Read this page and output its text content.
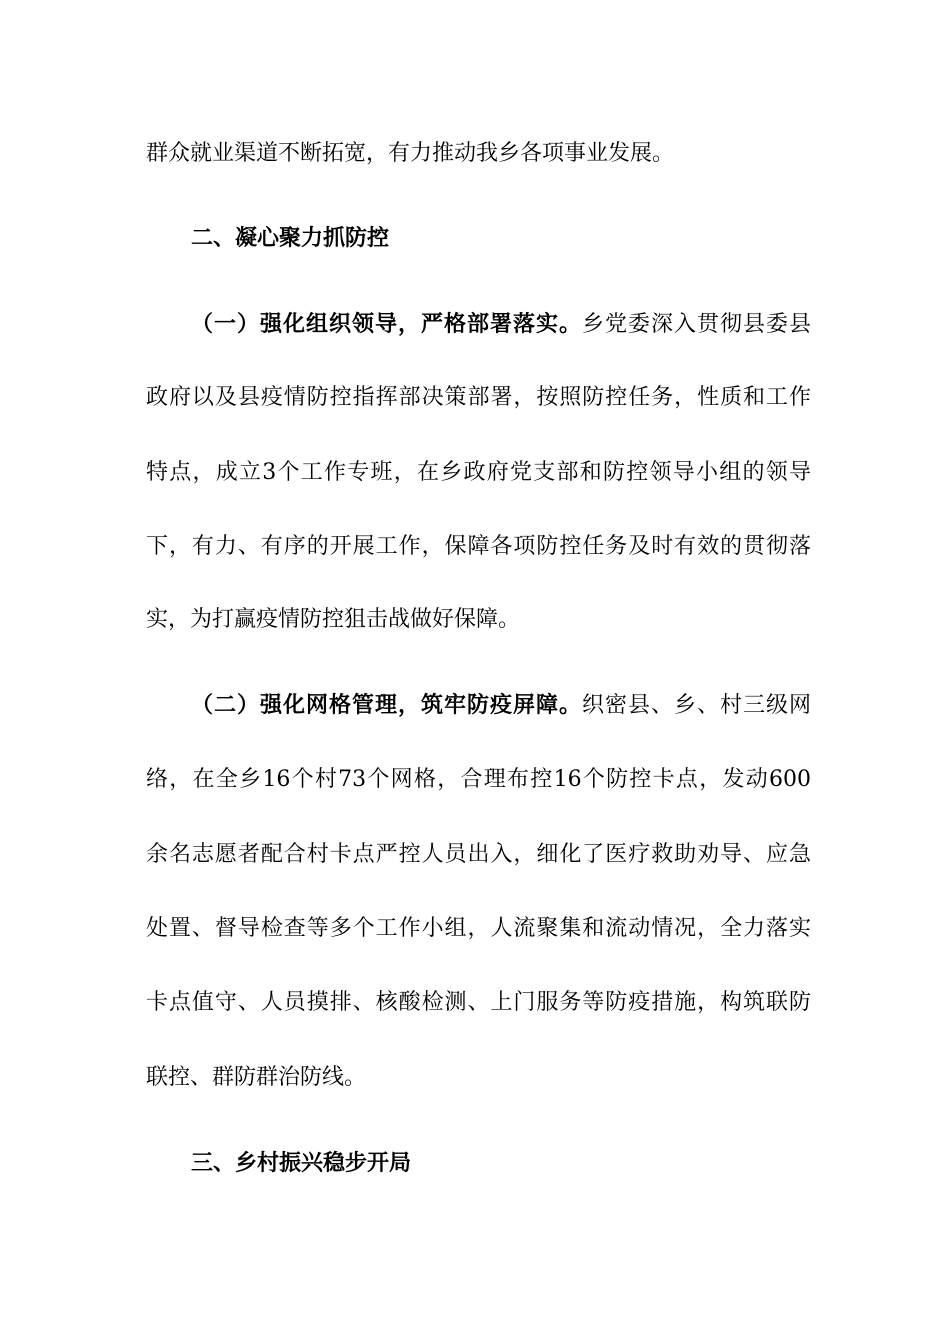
群众就业渠道不断拓宽，有力推动我乡各项事业发展。
二、凝心聚力抓防控
（一）强化组织领导，严格部署落实。乡党委深入贯彻县委县
政府以及县疫情防控指挥部决策部署，按照防控任务，性质和工作
特点，成立3个工作专班，在乡政府党支部和防控领导小组的领导
下，有力、有序的开展工作，保障各项防控任务及时有效的贯彻落
实，为打赢疫情防控狙击战做好保障。
（二）强化网格管理，筑牢防疫屏障。织密县、乡、村三级网
络，在全乡16个村73个网格，合理布控16个防控卡点，发动600
余名志愿者配合村卡点严控人员出入，细化了医疗救助劝导、应急
处置、督导检查等多个工作小组，人流聚集和流动情况，全力落实
卡点值守、人员摸排、核酸检测、上门服务等防疫措施，构筑联防
联控、群防群治防线。
三、乡村振兴稳步开局
